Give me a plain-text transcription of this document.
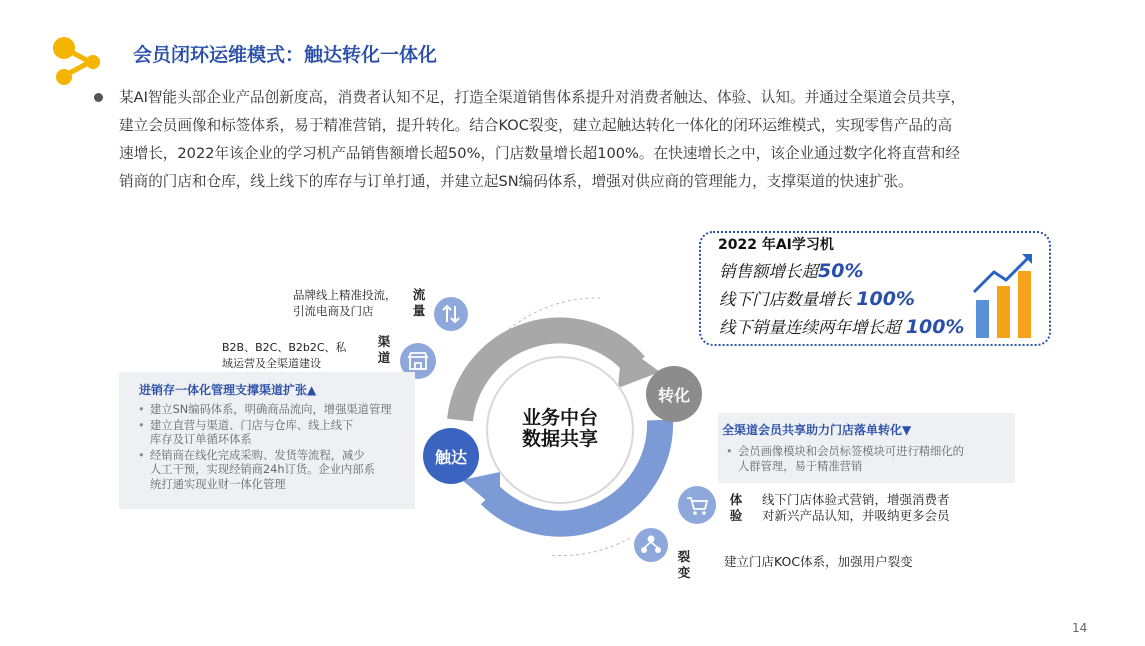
会员闭环运维模式：触达转化一体化
某AI智能头部企业产品创新度高，消费者认知不足，打造全渠道销售体系提升对消费者触达、体验、认知。并通过全渠道会员共享，
建立会员画像和标签体系，易于精准营销，提升转化。结合KOC裂变，建立起触达转化一体化的闭环运维模式，实现零售产品的高
速增长，2022年该企业的学习机产品销售额增长超50%，门店数量增长超100%。在快速增长之中，该企业通过数字化将直营和经
销商的门店和仓库，线上线下的库存与订单打通，并建立起SN编码体系，增强对供应商的管理能力，支撑渠道的快速扩张。
业务中台
数据共享
触达
转化
品牌线上精准投流，
引流电商及门店
流量
B2B、B2C、B2b2C、私
域运营及全渠道建设
渠道
进销存一体化管理支撑渠道扩张▲
• 建立SN编码体系，明确商品流向，增强渠道管理
• 建立直营与渠道、门店与仓库、线上线下
库存及订单循环体系
• 经销商在线化完成采购、发货等流程，减少
人工干预，实现经销商24h订货。企业内部系
统打通实现业财一体化管理
2022 年AI学习机
销售额增长超50%
线下门店数量增长 100%
线下销量连续两年增长超 100%
全渠道会员共享助力门店落单转化▼
• 会员画像模块和会员标签模块可进行精细化的
人群管理，易于精准营销
体验
线下门店体验式营销，增强消费者
对新兴产品认知，并吸纳更多会员
裂变
建立门店KOC体系，加强用户裂变
14
